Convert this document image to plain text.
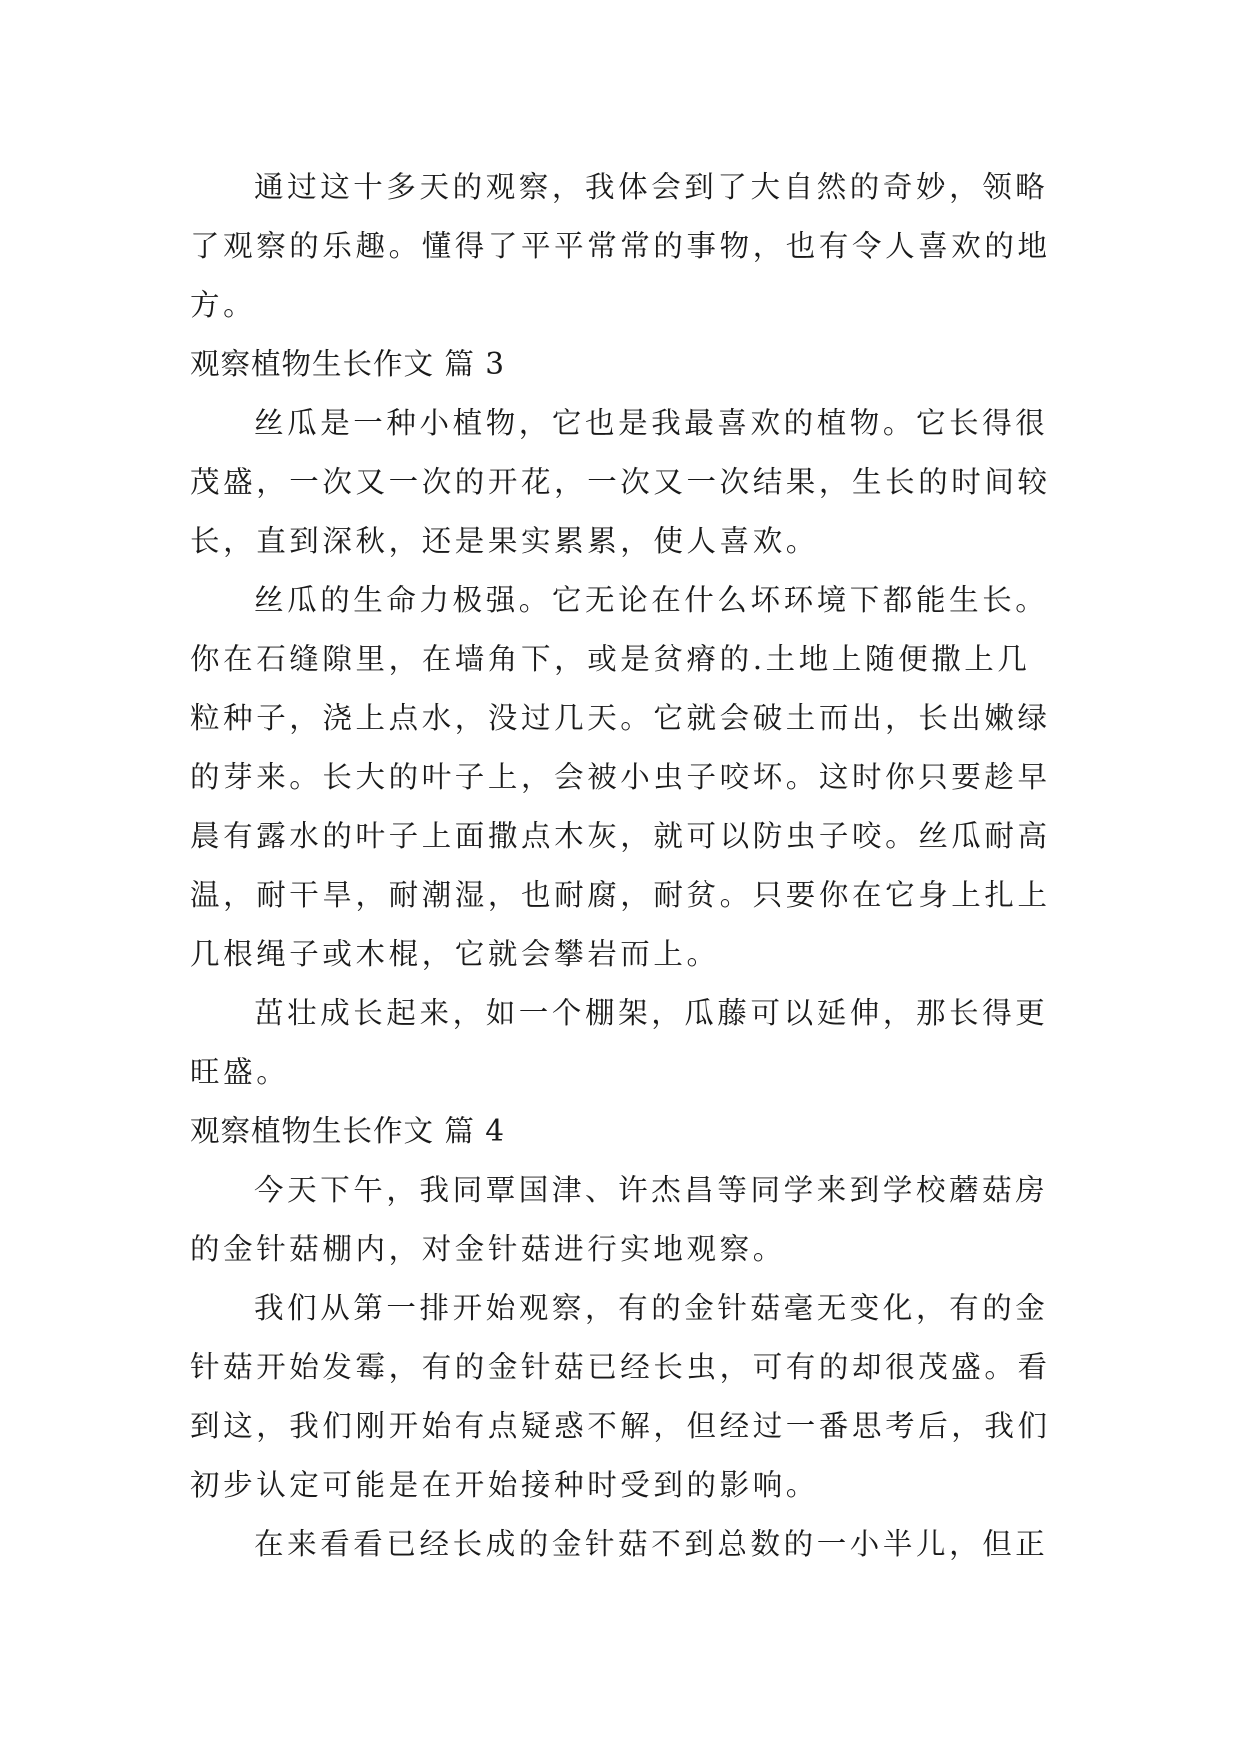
通过这十多天的观察，我体会到了大自然的奇妙，领略
了观察的乐趣。懂得了平平常常的事物，也有令人喜欢的地
方。
观察植物生长作文 篇 3
丝瓜是一种小植物，它也是我最喜欢的植物。它长得很
茂盛，一次又一次的开花，一次又一次结果，生长的时间较
长，直到深秋，还是果实累累，使人喜欢。
丝瓜的生命力极强。它无论在什么坏环境下都能生长。
你在石缝隙里，在墙角下，或是贫瘠的.土地上随便撒上几
粒种子，浇上点水，没过几天。它就会破土而出，长出嫩绿
的芽来。长大的叶子上，会被小虫子咬坏。这时你只要趁早
晨有露水的叶子上面撒点木灰，就可以防虫子咬。丝瓜耐高
温，耐干旱，耐潮湿，也耐腐，耐贫。只要你在它身上扎上
几根绳子或木棍，它就会攀岩而上。
茁壮成长起来，如一个棚架，瓜藤可以延伸，那长得更
旺盛。
观察植物生长作文 篇 4
今天下午，我同覃国津、许杰昌等同学来到学校蘑菇房
的金针菇棚内，对金针菇进行实地观察。
我们从第一排开始观察，有的金针菇毫无变化，有的金
针菇开始发霉，有的金针菇已经长虫，可有的却很茂盛。看
到这，我们刚开始有点疑惑不解，但经过一番思考后，我们
初步认定可能是在开始接种时受到的影响。
在来看看已经长成的金针菇不到总数的一小半儿，但正
